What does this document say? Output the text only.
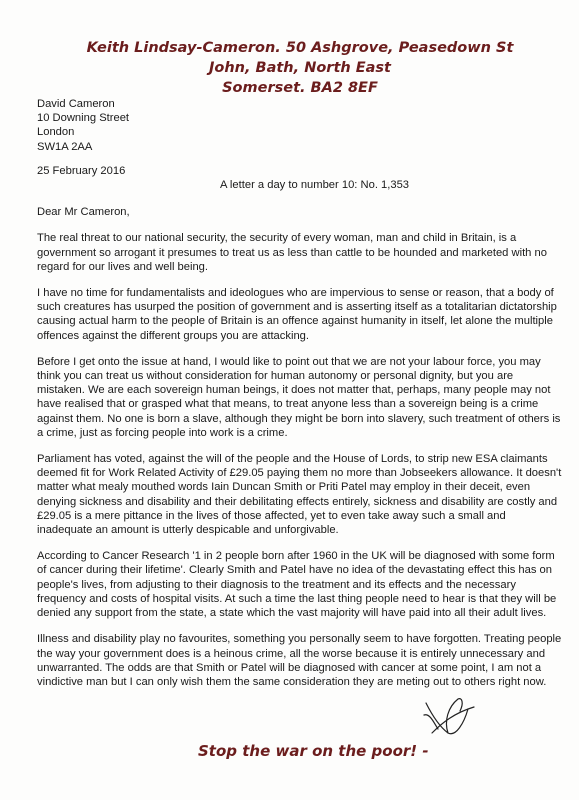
Keith Lindsay-Cameron. 50 Ashgrove, Peasedown St John, Bath, North East
Somerset. BA2 8EF
David Cameron
10 Downing Street
London
SW1A 2AA
25 February 2016
A letter a day to number 10: No. 1,353
Dear Mr Cameron,
The real threat to our national security, the security of every woman, man and child in Britain, is a government so arrogant it presumes to treat us as less than cattle to be hounded and marketed with no regard for our lives and well being.
I have no time for fundamentalists and ideologues who are impervious to sense or reason, that a body of such creatures has usurped the position of government and is asserting itself as a totalitarian dictatorship causing actual harm to the people of Britain is an offence against humanity in itself, let alone the multiple offences against the different groups you are attacking.
Before I get onto the issue at hand, I would like to point out that we are not your labour force, you may think you can treat us without consideration for human autonomy or personal dignity, but you are mistaken. We are each sovereign human beings, it does not matter that, perhaps, many people may not have realised that or grasped what that means, to treat anyone less than a sovereign being is a crime against them. No one is born a slave, although they might be born into slavery, such treatment of others is a crime, just as forcing people into work is a crime.
Parliament has voted, against the will of the people and the House of Lords, to strip new ESA claimants deemed fit for Work Related Activity of £29.05 paying them no more than Jobseekers allowance. It doesn't matter what mealy mouthed words Iain Duncan Smith or Priti Patel may employ in their deceit, even denying sickness and disability and their debilitating effects entirely, sickness and disability are costly and £29.05 is a mere pittance in the lives of those affected, yet to even take away such a small and inadequate an amount is utterly despicable and unforgivable.
According to Cancer Research '1 in 2 people born after 1960 in the UK will be diagnosed with some form of cancer during their lifetime'. Clearly Smith and Patel have no idea of the devastating effect this has on people's lives, from adjusting to their diagnosis to the treatment and its effects and the necessary frequency and costs of hospital visits. At such a time the last thing people need to hear is that they will be denied any support from the state, a state which the vast majority will have paid into all their adult lives.
Illness and disability play no favourites, something you personally seem to have forgotten. Treating people the way your government does is a heinous crime, all the worse because it is entirely unnecessary and unwarranted. The odds are that Smith or Patel will be diagnosed with cancer at some point, I am not a vindictive man but I can only wish them the same consideration they are meting out to others right now.
Stop the war on the poor! -
